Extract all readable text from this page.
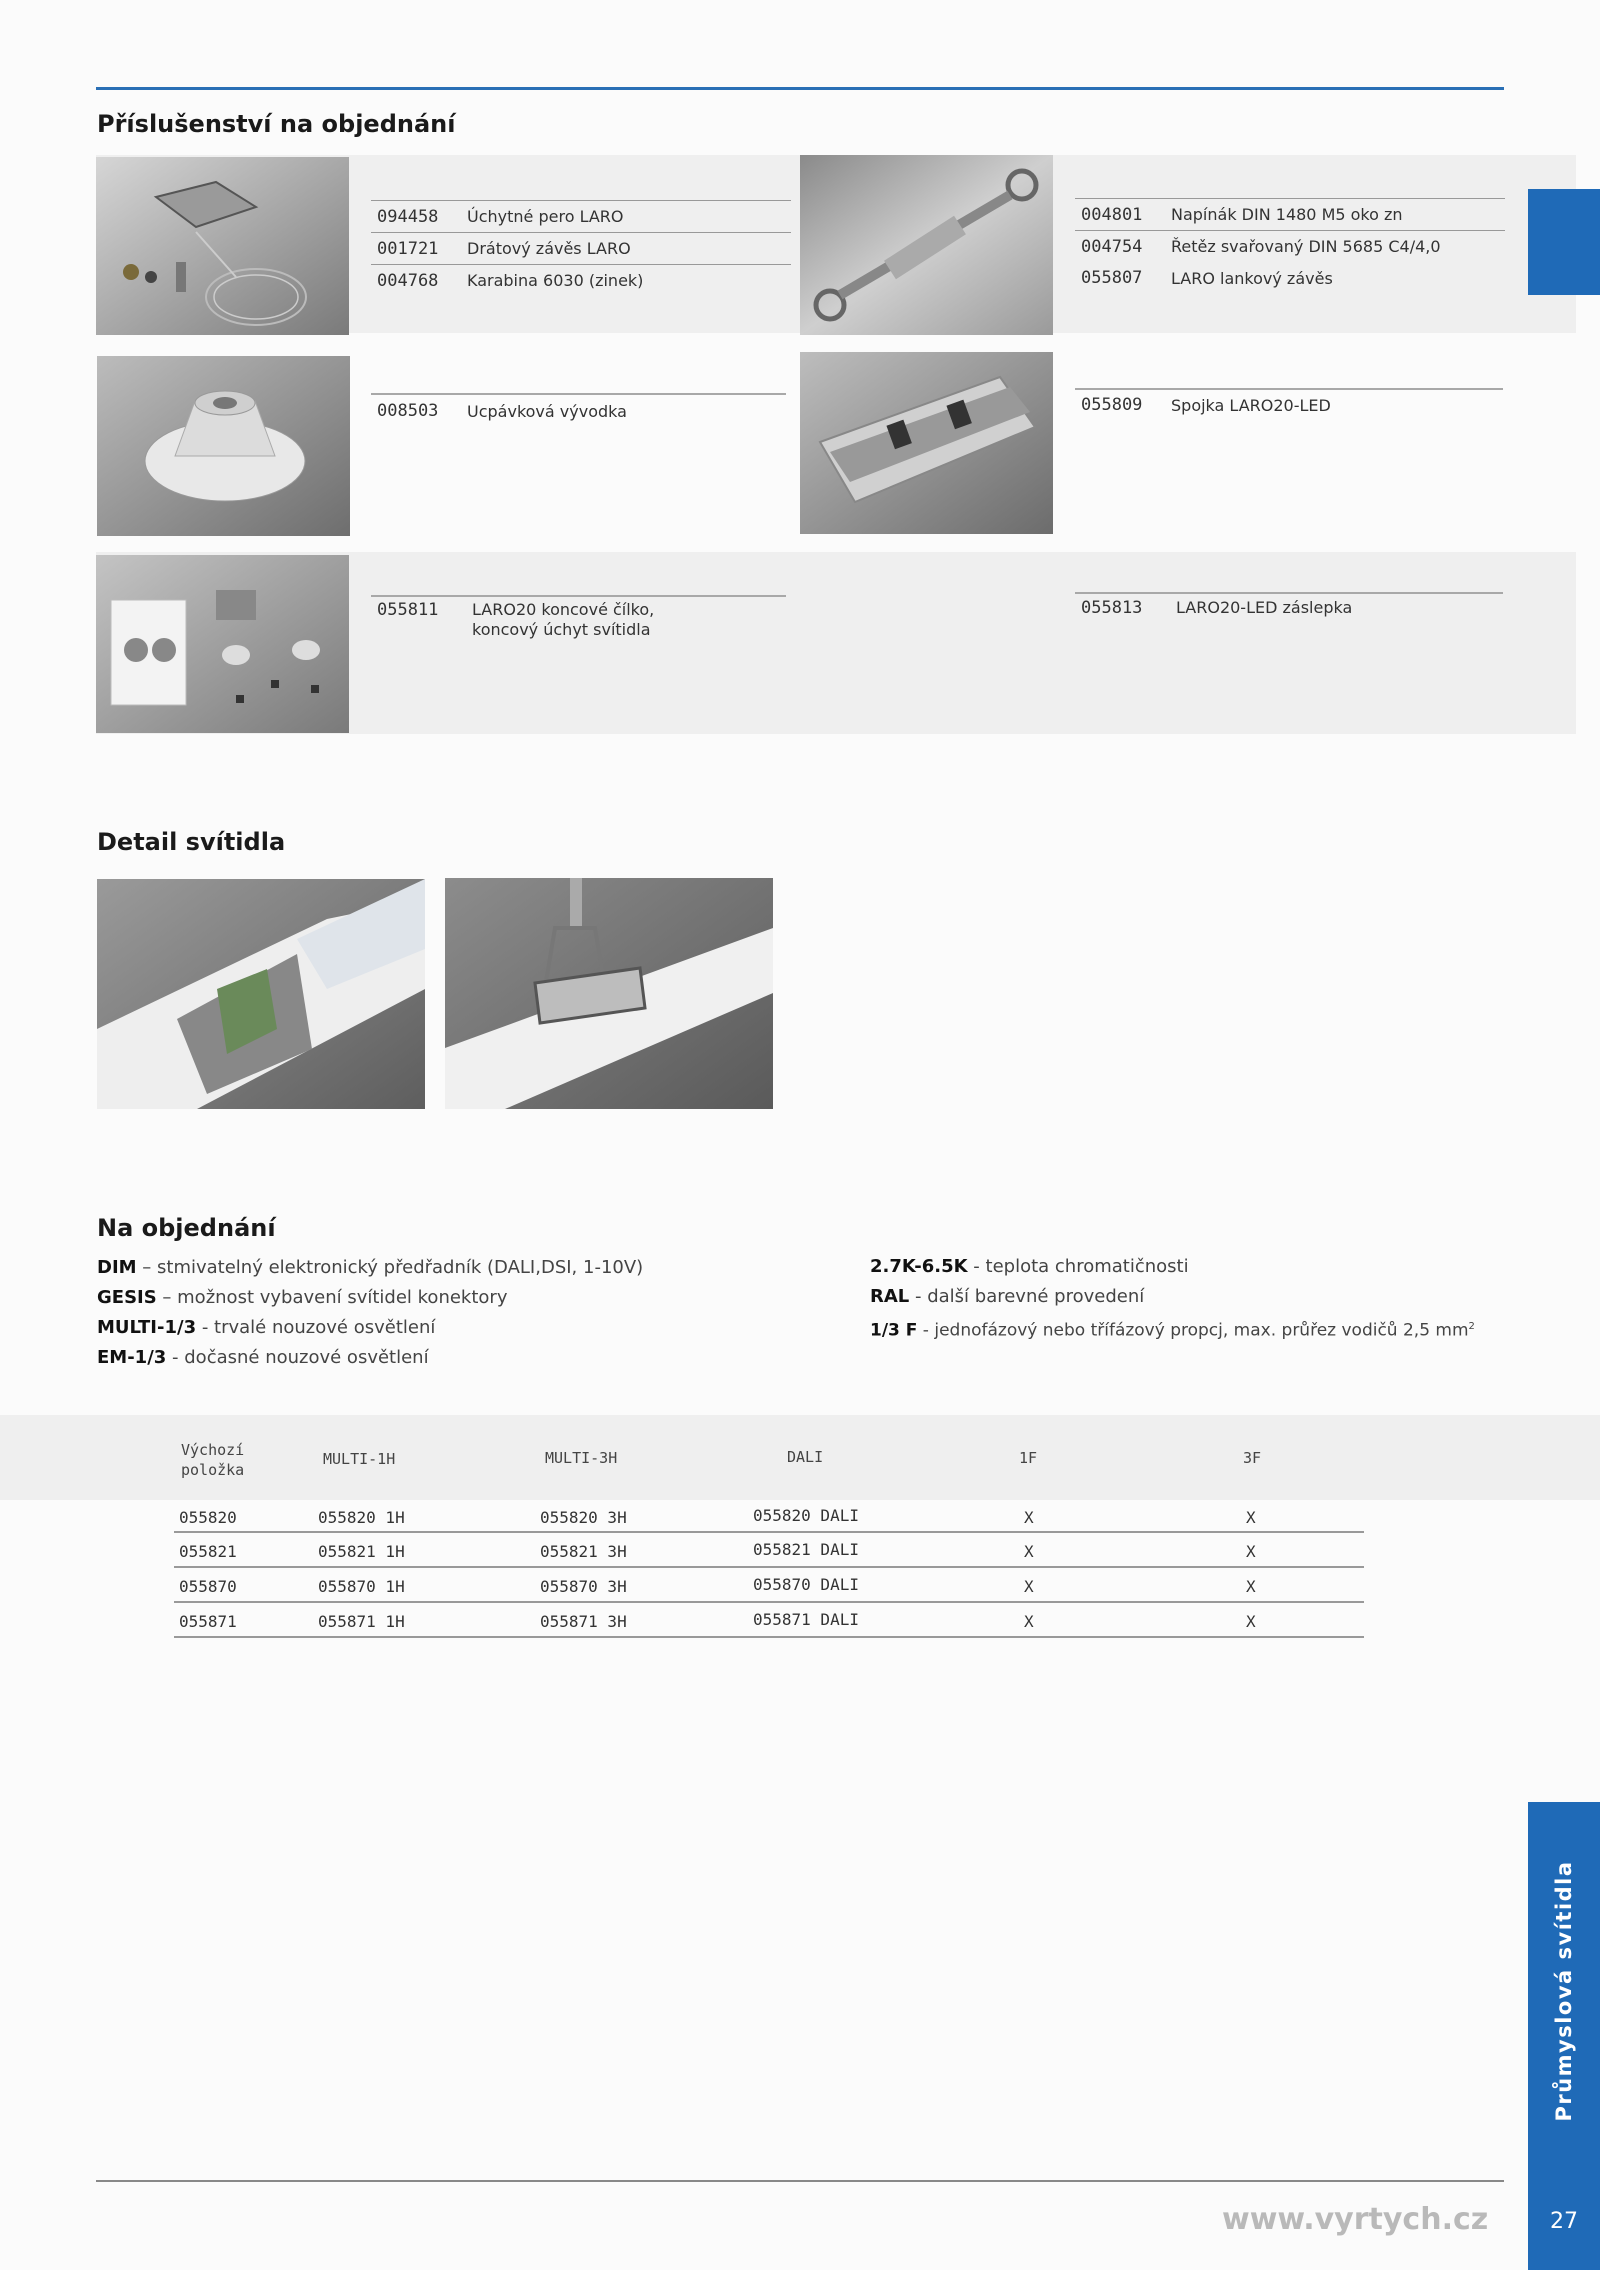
Příslušenství na objednání
094458	Úchytné pero LARO
001721	Drátový závěs LARO
004768	Karabina 6030 (zinek)
004801	Napínák DIN 1480 M5 oko zn
004754	Řetěz svařovaný DIN 5685 C4/4,0
055807	LARO lankový závěs
008503	Ucpávková vývodka	055809	Spojka LARO20-LED
055811 LARO20 koncové čílko,
koncový úchyt svítidla
055813 LARO20-LED záslepka
Detail svítidla
Na objednání
DIM – stmivatelný elektronický předřadník (DALI,DSI, 1-10V)
GESIS – možnost vybavení svítidel konektory
MULTI-1/3 - trvalé nouzové osvětlení
EM-1/3 - dočasné nouzové osvětlení
2.7K-6.5K - teplota chromatičnosti
RAL - další barevné provedení
1/3 F - jednofázový nebo třífázový propcj, max. průřez vodičů 2,5 $mm^2$
Výchozí
položka
MULTI-1H	MULTI-3H	DALI	1F	3F
055820	055820 1H	055820 3H	055820 DALI	X	X
055821	055821 1H	055821 3H	055821 DALI	X	X
055870	055870 1H	055870 3H	055870 DALI	X	X
055871	055871 1H	055871 3H	055871 DALI	X	X
Průmyslová svítidla
27
www.vyrtych.cz
